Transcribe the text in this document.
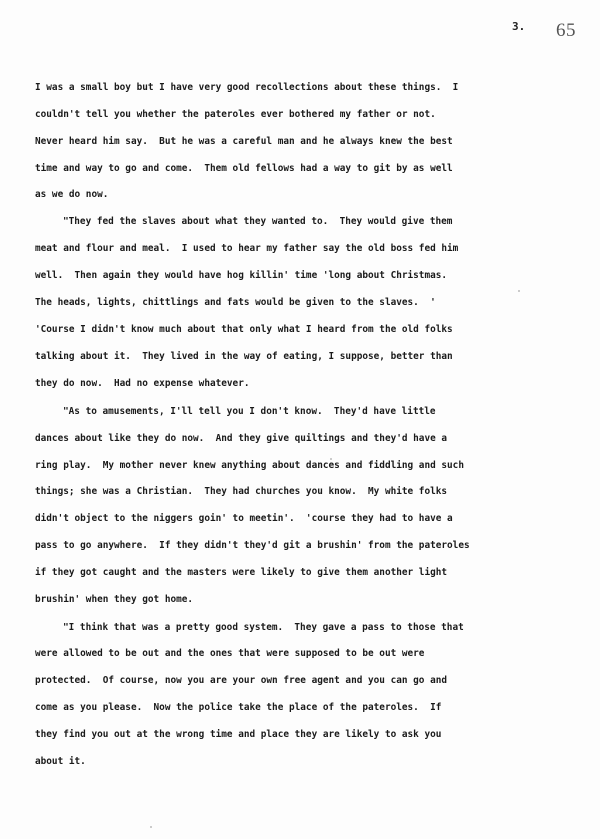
3. 65
I was a small boy but I have very good recollections about these things.  I
couldn't tell you whether the pateroles ever bothered my father or not.
Never heard him say.  But he was a careful man and he always knew the best
time and way to go and come.  Them old fellows had a way to git by as well
as we do now.
"They fed the slaves about what they wanted to.  They would give them
meat and flour and meal.  I used to hear my father say the old boss fed him
well.  Then again they would have hog killin' time 'long about Christmas.
The heads, lights, chittlings and fats would be given to the slaves.  '
'Course I didn't know much about that only what I heard from the old folks
talking about it.  They lived in the way of eating, I suppose, better than
they do now.  Had no expense whatever.
"As to amusements, I'll tell you I don't know.  They'd have little
dances about like they do now.  And they give quiltings and they'd have a
ring play.  My mother never knew anything about dances and fiddling and such
things; she was a Christian.  They had churches you know.  My white folks
didn't object to the niggers goin' to meetin'.  'course they had to have a
pass to go anywhere.  If they didn't they'd git a brushin' from the pateroles
if they got caught and the masters were likely to give them another light
brushin' when they got home.
"I think that was a pretty good system.  They gave a pass to those that
were allowed to be out and the ones that were supposed to be out were
protected.  Of course, now you are your own free agent and you can go and
come as you please.  Now the police take the place of the pateroles.  If
they find you out at the wrong time and place they are likely to ask you
about it.
